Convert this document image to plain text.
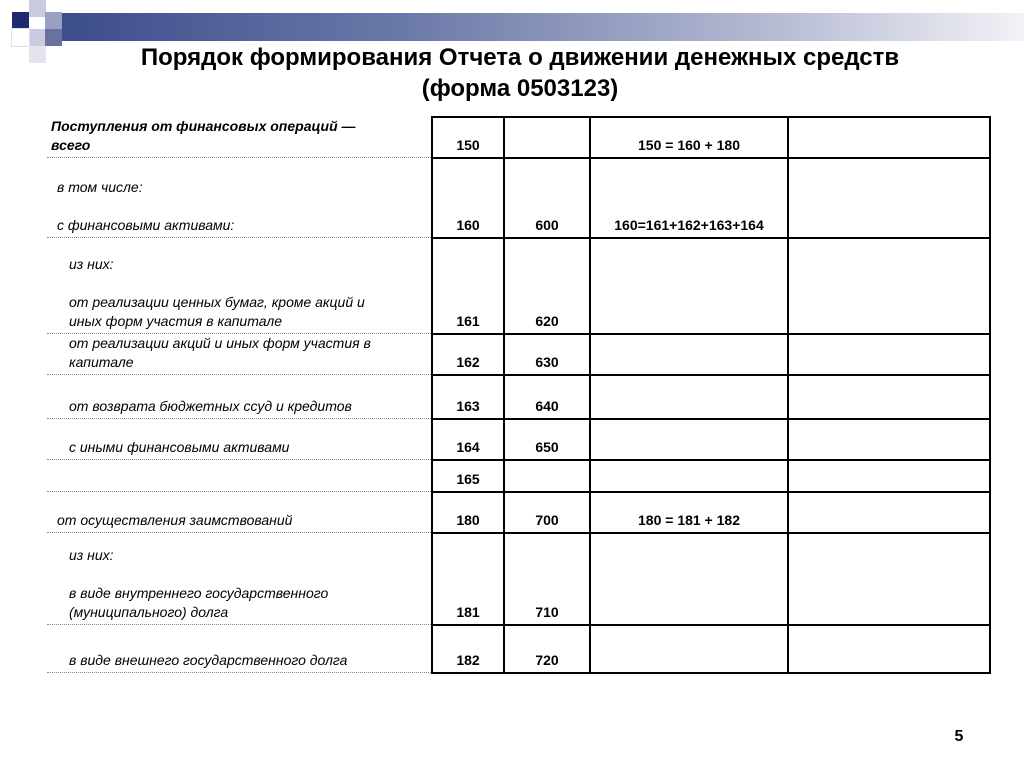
Порядок формирования Отчета о движении денежных средств
(форма 0503123)
Поступления от финансовых операций —
всего	150		150 = 160 + 180	

в том числе:

с финансовыми активами:	160	600	160=161+162+163+164	

из них:

от реализации ценных бумаг, кроме акций и
иных форм участия в капитале	161	620		

от реализации акций и иных форм участия в
капитале	162	630		

от возврата бюджетных ссуд и кредитов	163	640		

с иными финансовыми активами	164	650		

	165			

от осуществления заимствований	180	700	180 = 181 + 182	

из них:

в виде внутреннего государственного
(муниципального) долга	181	710		

в виде внешнего государственного долга	182	720		
5
